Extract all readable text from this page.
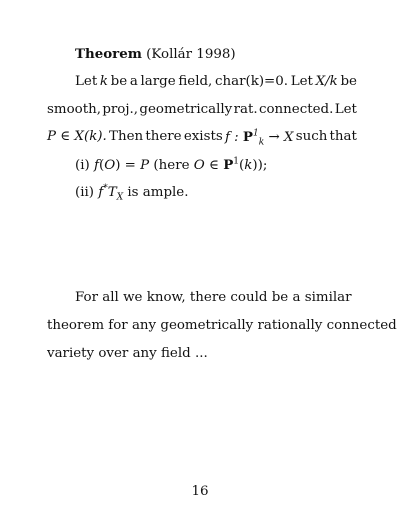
Theorem (Kollár 1998)
Let k be a large field, char(k)=0. Let X/k be
smooth, proj., geometrically rat. connected. Let
P ∈ X(k). Then there exists f : $P^1_k \to X$ such that
(i) f(O) = P (here O ∈ $P^1(k)$);
(ii) $f^*T_X$ is ample.
For all we know, there could be a similar
theorem for any geometrically rationally connected
variety over any field ...
16
